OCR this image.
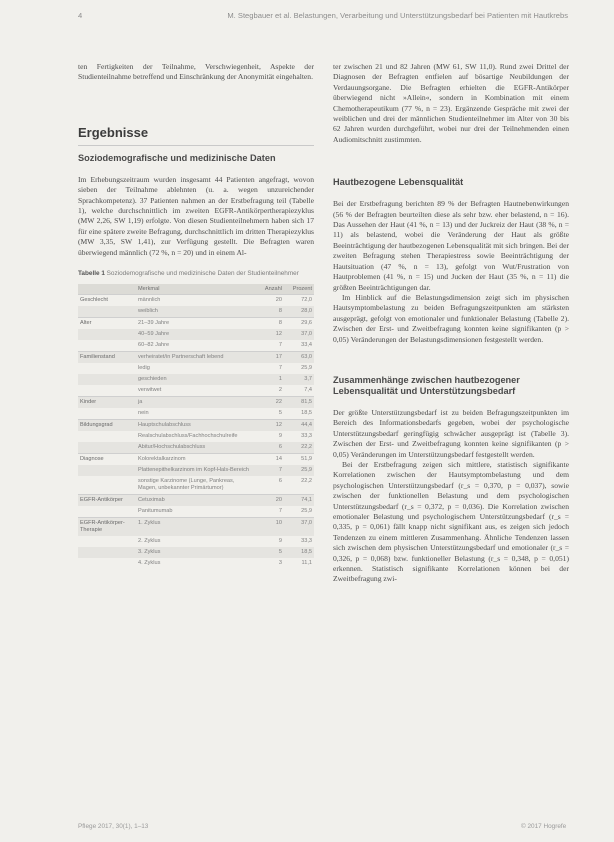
4	M. Stegbauer et al. Belastungen, Verarbeitung und Unterstützungsbedarf bei Patienten mit Hautkrebs

ten Fertigkeiten der Teilnahme, Verschwiegenheit, Aspekte der Studienteilnahme betreffend und Einschränkung der Anonymität eingehalten.

Ergebnisse
Soziodemografische und medizinische Daten

Im Erhebungszeitraum wurden insgesamt 44 Patienten angefragt, wovon sieben der Teilnahme ablehnten (u. a. wegen unzureichender Sprachkompetenz). 37 Patienten nahmen an der Erstbefragung teil (Tabelle 1), welche durchschnittlich im zweiten EGFR-Antikörpertherapiezyklus (MW 2,26, SW 1,19) erfolgte. Von diesen Studienteilnehmern haben sich 17 für eine spätere zweite Befragung, durchschnittlich im dritten Therapiezyklus (MW 3,35, SW 1,41), zur Verfügung gestellt. Die Befragten waren überwiegend männlich (72 %, n = 20) und in einem Al-

Tabelle 1 Soziodemografische und medizinische Daten der Studienteilnehmer
	Merkmal	Anzahl	Prozent
Geschlecht	männlich	20	72,0
	weiblich	8	28,0
Alter	21–39 Jahre	8	29,6
	40–59 Jahre	12	37,0
	60–82 Jahre	7	33,4
Familienstand	verheiratet/in Partnerschaft lebend	17	63,0
	ledig	7	25,9
	geschieden	1	3,7
	verwitwet	2	7,4
Kinder	ja	22	81,5
	nein	5	18,5
Bildungsgrad	Hauptschulabschluss	12	44,4
	Realschulabschluss/Fachhochschulreife	9	33,3
	Abitur/Hochschulabschluss	6	22,2
Diagnose	Kolorektalkarzinom	14	51,9
	Plattenepithelkarzinom im Kopf-Hals-Bereich	7	25,9
	sonstige Karzinome (Lunge, Pankreas, Magen, unbekannter Primärtumor)	6	22,2
EGFR-Antikörper	Cetuximab	20	74,1
	Panitumumab	7	25,9
EGFR-Antikörper-Therapie	1. Zyklus	10	37,0
	2. Zyklus	9	33,3
	3. Zyklus	5	18,5
	4. Zyklus	3	11,1

ter zwischen 21 und 82 Jahren (MW 61, SW 11,0). Rund zwei Drittel der Diagnosen der Befragten entfielen auf bösartige Neubildungen der Verdauungsorgane. Die Befragten erhielten die EGFR-Antikörper überwiegend nicht »Allein«, sondern in Kombination mit einem Chemotherapeutikum (77 %, n = 23). Ergänzende Gespräche mit zwei der weiblichen und drei der männlichen Studienteilnehmer im Alter von 30 bis 62 Jahren wurden durchgeführt, wobei nur drei der Teilnehmenden einen Audiomitschnitt zustimmten.

Hautbezogene Lebensqualität

Bei der Erstbefragung berichten 89 % der Befragten Hautnebenwirkungen (56 % der Befragten beurteilten diese als sehr bzw. eher belastend, n = 16). Das Aussehen der Haut (41 %, n = 13) und der Juckreiz der Haut (38 %, n = 11) als belastend, wobei die Veränderung der Haut als größte Beeinträchtigung der hautbezogenen Lebensqualität mit sich bringen. Bei der zweiten Befragung stehen Therapiestress sowie Beeinträchtigung der Hautsituation (47 %, n = 13), gefolgt von Wut/Frustration von Hautproblemen (41 %, n = 15) und Jucken der Haut (35 %, n = 11) die größten Beeinträchtigungen dar.

Im Hinblick auf die Belastungsdimension zeigt sich im physischen Hautsymptombelastung zu beiden Befragungszeitpunkten am stärksten ausgeprägt, gefolgt von emotionaler und funktionaler Belastung (Tabelle 2). Zwischen der Erst- und Zweitbefragung konnten keine signifikanten (p > 0,05) Veränderungen der Belastungsdimensionen festgestellt werden.

Zusammenhänge zwischen hautbezogener Lebensqualität und Unterstützungsbedarf

Der größte Unterstützungsbedarf ist zu beiden Befragungszeitpunkten im Bereich des Informationsbedarfs gegeben, wobei der psychologische Unterstützungsbedarf geringfügig schwächer ausgeprägt ist (Tabelle 3). Zwischen der Erst- und Zweitbefragung konnten keine signifikanten (p > 0,05) Veränderungen im Unterstützungsbedarf festgestellt werden.

Bei der Erstbefragung zeigen sich mittlere, statistisch signifikante Korrelationen zwischen der Hautsymptombelastung und dem psychologischen Unterstützungsbedarf (r_s = 0,370, p = 0,037), sowie zwischen der funktionellen Belastung und dem psychologischen Unterstützungsbedarf (r_s = 0,372, p = 0,036). Die Korrelation zwischen emotionaler Belastung und psychologischem Unterstützungsbedarf (r_s = 0,335, p = 0,061) fällt knapp nicht signifikant aus, es zeigen sich jedoch Tendenzen zu einem mittleren Zusammenhang. Ähnliche Tendenzen lassen sich zwischen dem physischen Unterstützungsbedarf und emotionaler (r_s = 0,326, p = 0,068) bzw. funktioneller Belastung (r_s = 0,348, p = 0,051) erkennen. Statistisch signifikante Korrelationen können bei der Zweitbefragung zwi-

Pflege 2017, 30(1), 1–13	© 2017 Hogrefe
